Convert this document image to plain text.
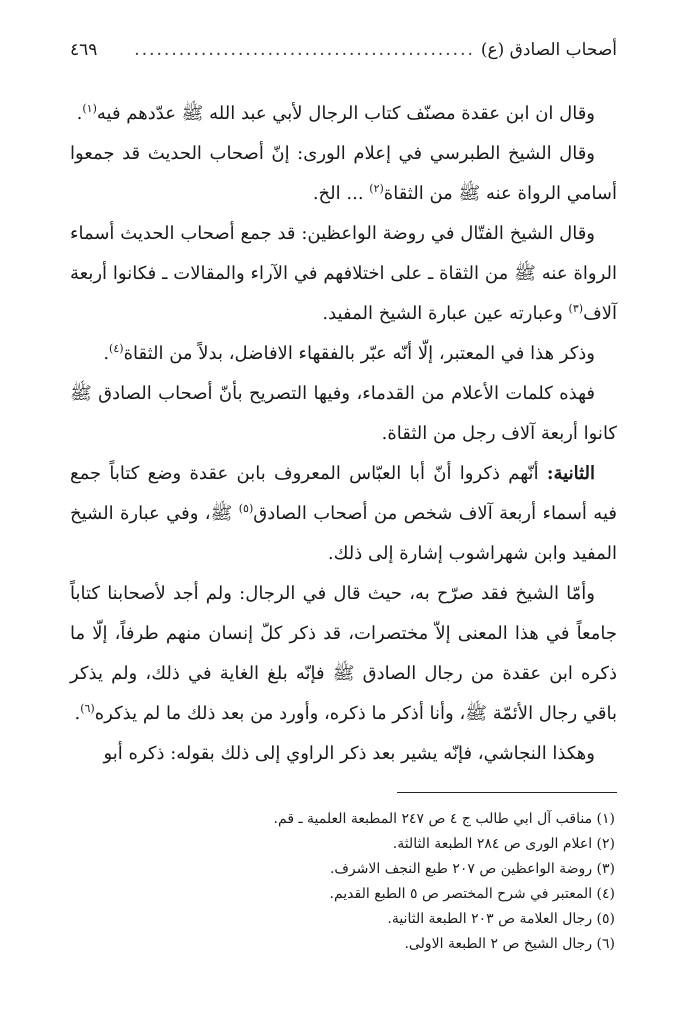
أصحاب الصادق (ع)
..............................................
٤٦٩

وقال ان ابن عقدة مصنّف كتاب الرجال لأبي عبد الله ﷺ عدّدهم فيه$^{(١)}$.

وقال الشيخ الطبرسي في إعلام الورى: إنّ أصحاب الحديث قد جمعوا أسامي الرواة عنه ﷺ من الثقاة$^{(٢)}$ ... الخ.

وقال الشيخ الفتّال في روضة الواعظين: قد جمع أصحاب الحديث أسماء الرواة عنه ﷺ من الثقاة ـ على اختلافهم في الآراء والمقالات ـ فكانوا أربعة آلاف$^{(٣)}$ وعبارته عين عبارة الشيخ المفيد.

وذكر هذا في المعتبر، إلّا أنّه عبّر بالفقهاء الافاضل، بدلاً من الثقاة$^{(٤)}$.

فهذه كلمات الأعلام من القدماء، وفيها التصريح بأنّ أصحاب الصادق ﷺ كانوا أربعة آلاف رجل من الثقاة.

الثانية: أنّهم ذكروا أنّ أبا العبّاس المعروف بابن عقدة وضع كتاباً جمع فيه أسماء أربعة آلاف شخص من أصحاب الصادق$^{(٥)}$ ﷺ، وفي عبارة الشيخ المفيد وابن شهراشوب إشارة إلى ذلك.

وأمّا الشيخ فقد صرّح به، حيث قال في الرجال: ولم أجد لأصحابنا كتاباً جامعاً في هذا المعنى إلاّ مختصرات، قد ذكر كلّ إنسان منهم طرفاً، إلّا ما ذكره ابن عقدة من رجال الصادق ﷺ فإنّه بلغ الغاية في ذلك، ولم يذكر باقي رجال الأئمّة ﷺ، وأنا أذكر ما ذكره، وأورد من بعد ذلك ما لم يذكره$^{(٦)}$.

وهكذا النجاشي، فإنّه يشير بعد ذكر الراوي إلى ذلك بقوله: ذكره أبو

(١) مناقب آل ابي طالب ج ٤ ص ٢٤٧ المطبعة العلمية ـ قم.

(٢) اعلام الورى ص ٢٨٤ الطبعة الثالثة.

(٣) روضة الواعظين ص ٢٠٧ طبع النجف الاشرف.

(٤) المعتبر في شرح المختصر ص ٥ الطبع القديم.

(٥) رجال العلامة ص ٢٠٣ الطبعة الثانية.

(٦) رجال الشيخ ص ٢ الطبعة الاولى.
